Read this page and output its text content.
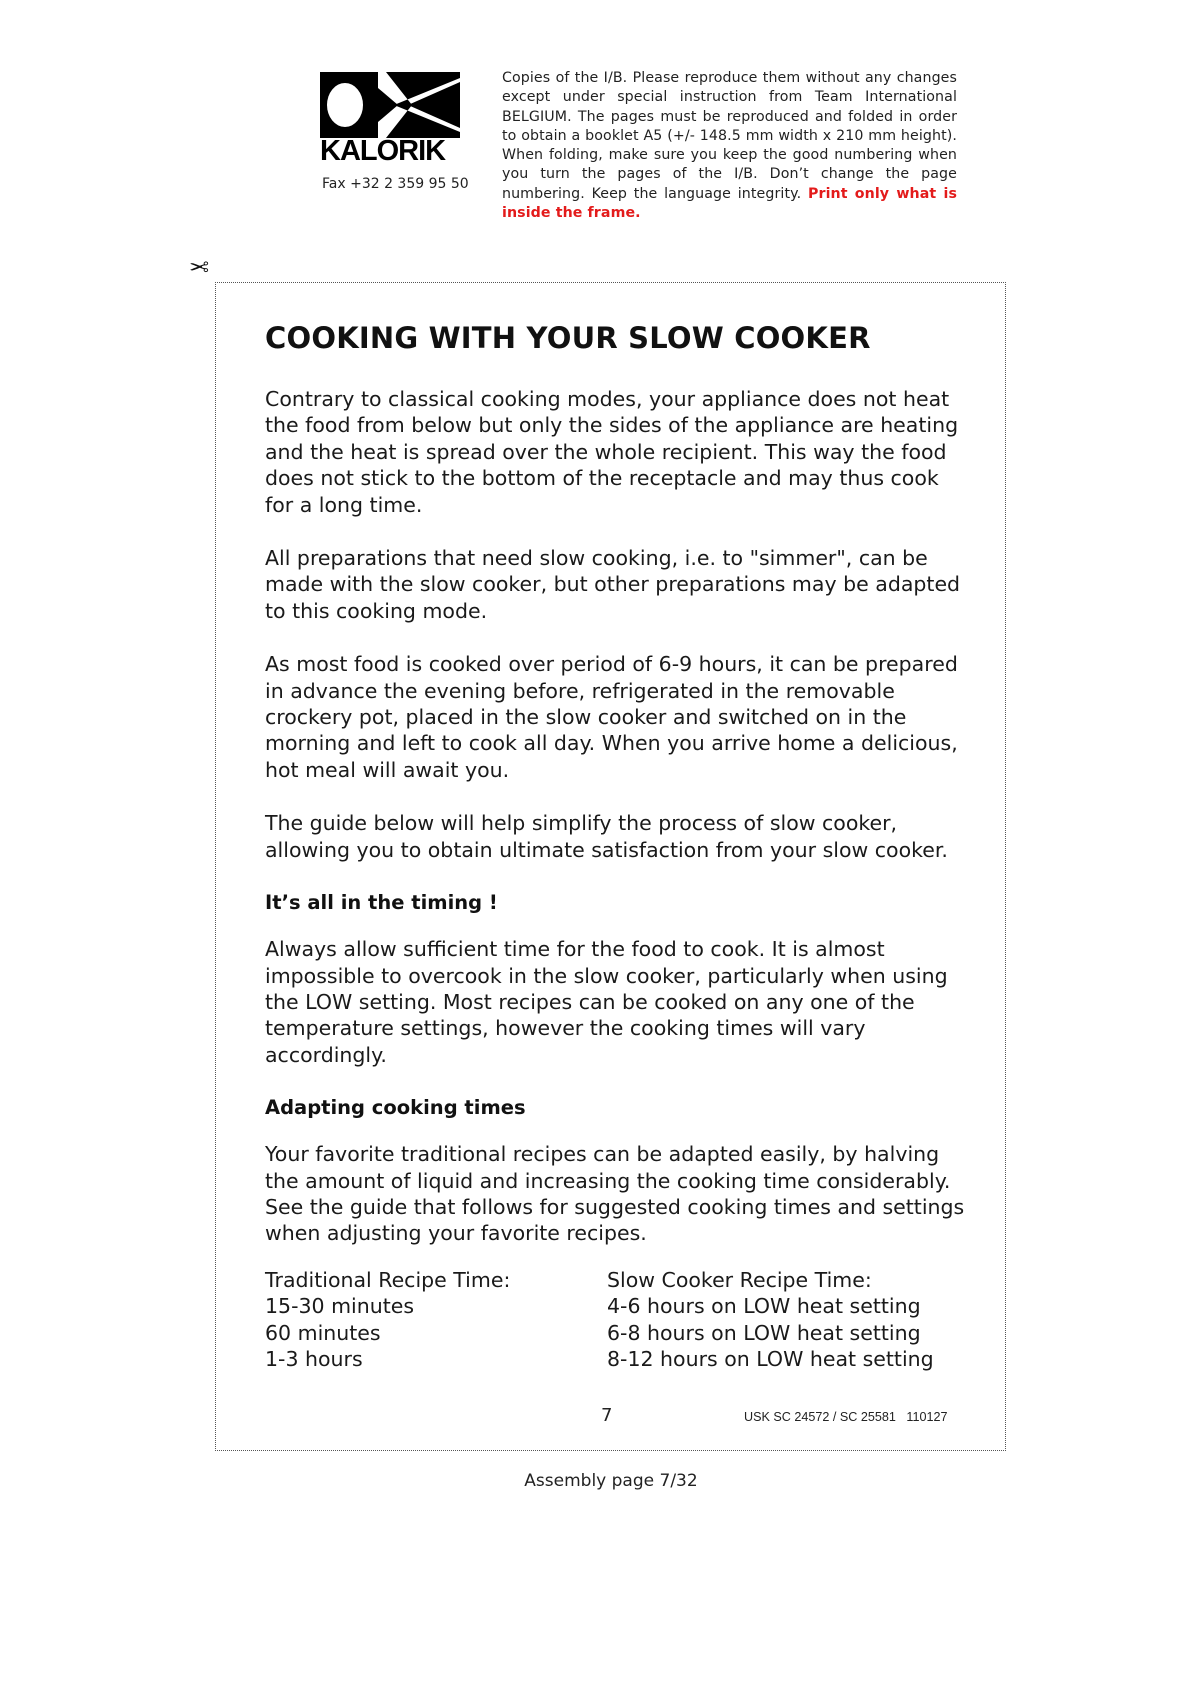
KALORIK
Fax +32 2 359 95 50
Copies of the I/B. Please reproduce them without any changes except under special instruction from Team International BELGIUM. The pages must be reproduced and folded in order to obtain a booklet A5 (+/- 148.5 mm width x 210 mm height). When folding, make sure you keep the good numbering when you turn the pages of the I/B. Don’t change the page numbering. Keep the language integrity. Print only what is inside the frame.
✂
COOKING WITH YOUR SLOW COOKER

Contrary to classical cooking modes, your appliance does not heat the food from below but only the sides of the appliance are heating and the heat is spread over the whole recipient. This way the food does not stick to the bottom of the receptacle and may thus cook for a long time.

All preparations that need slow cooking, i.e. to "simmer", can be made with the slow cooker, but other preparations may be adapted to this cooking mode.

As most food is cooked over period of 6-9 hours, it can be prepared in advance the evening before, refrigerated in the removable crockery pot, placed in the slow cooker and switched on in the morning and left to cook all day. When you arrive home a delicious, hot meal will await you.

The guide below will help simplify the process of slow cooker, allowing you to obtain ultimate satisfaction from your slow cooker.

It’s all in the timing !

Always allow sufficient time for the food to cook. It is almost impossible to overcook in the slow cooker, particularly when using the LOW setting. Most recipes can be cooked on any one of the temperature settings, however the cooking times will vary accordingly.

Adapting cooking times

Your favorite traditional recipes can be adapted easily, by halving the amount of liquid and increasing the cooking time considerably. See the guide that follows for suggested cooking times and settings when adjusting your favorite recipes.

Traditional Recipe Time:	Slow Cooker Recipe Time:
15-30 minutes	4-6 hours on LOW heat setting
60 minutes	6-8 hours on LOW heat setting
1-3 hours	8-12 hours on LOW heat setting
7	USK SC 24572 / SC 25581   110127
Assembly page 7/32
